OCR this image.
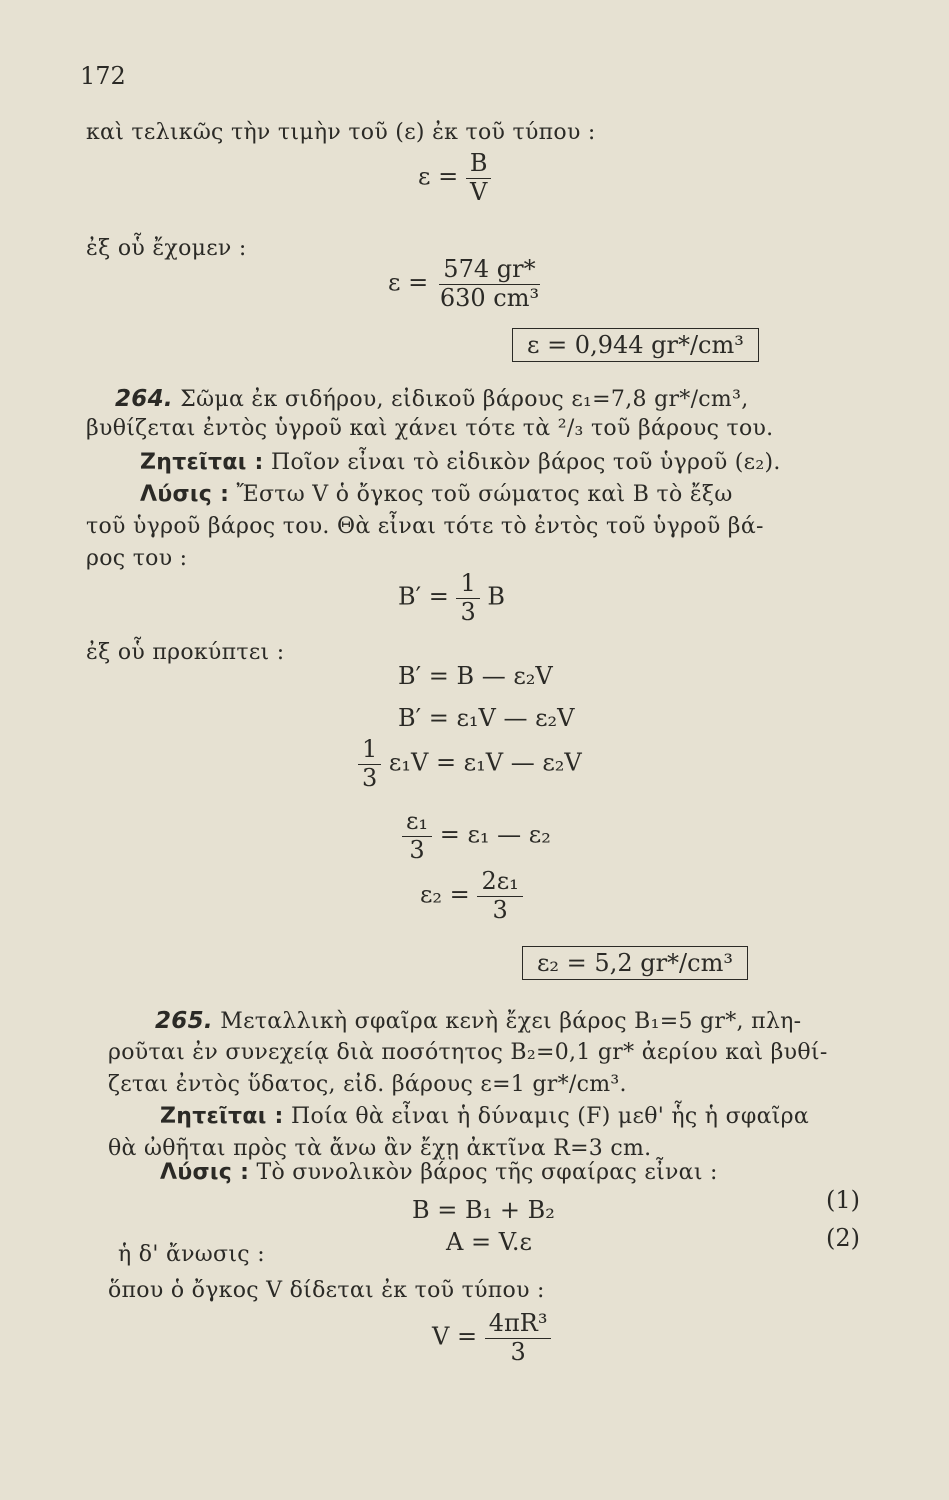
172
καὶ τελικῶς τὴν τιμὴν τοῦ (ε) ἐκ τοῦ τύπου :
$\varepsilon = \frac{B}{V}$
ἐξ οὗ ἔχομεν :
$\varepsilon = \frac{574 gr*}{\text{630 cm³}}$
ε = 0,944 gr*/cm³
264. Σῶμα ἐκ σιδήρου, εἰδικοῦ βάρους ε₁=7,8 gr*/cm³,
βυθίζεται ἐντὸς ὑγροῦ καὶ χάνει τότε τὰ ²/₃ τοῦ βάρους του.
Ζητεῖται : Ποῖον εἶναι τὸ εἰδικὸν βάρος τοῦ ὑγροῦ (ε₂).
Λύσις : Ἔστω V ὁ ὄγκος τοῦ σώματος καὶ B τὸ ἔξω
τοῦ ὑγροῦ βάρος του. Θὰ εἶναι τότε τὸ ἐντὸς τοῦ ὑγροῦ βά-
ρος του :
$B' = \frac{1}{3}$ B
ἐξ οὗ προκύπτει :
B′ = B — ε₂V
B′ = ε₁V — ε₂V
$\frac{1}{3} \varepsilon_1V = \varepsilon_1V$ — ε₂V
$\frac{\text{ε₁}}{3} = \varepsilon_1$ — ε₂
$\varepsilon_2 = \frac{\text{2ε₁}}{3}$
ε₂ = 5,2 gr*/cm³
265. Μεταλλικὴ σφαῖρα κενὴ ἔχει βάρος B₁=5 gr*, πλη-
ροῦται ἐν συνεχείᾳ διὰ ποσότητος B₂=0,1 gr* ἀερίου καὶ βυθί-
ζεται ἐντὸς ὕδατος, εἰδ. βάρους ε=1 gr*/cm³.
Ζητεῖται : Ποία θὰ εἶναι ἡ δύναμις (F) μεθ' ἧς ἡ σφαῖρα
θὰ ὠθῆται πρὸς τὰ ἄνω ἂν ἔχῃ ἀκτῖνα R=3 cm.
Λύσις : Τὸ συνολικὸν βάρος τῆς σφαίρας εἶναι :
B = B₁ + B₂	(1)
ἡ δ' ἄνωσις :	A = V.ε	(2)
ὅπου ὁ ὄγκος V δίδεται ἐκ τοῦ τύπου :
$V = \frac{\text{4πR³}}{3}$
